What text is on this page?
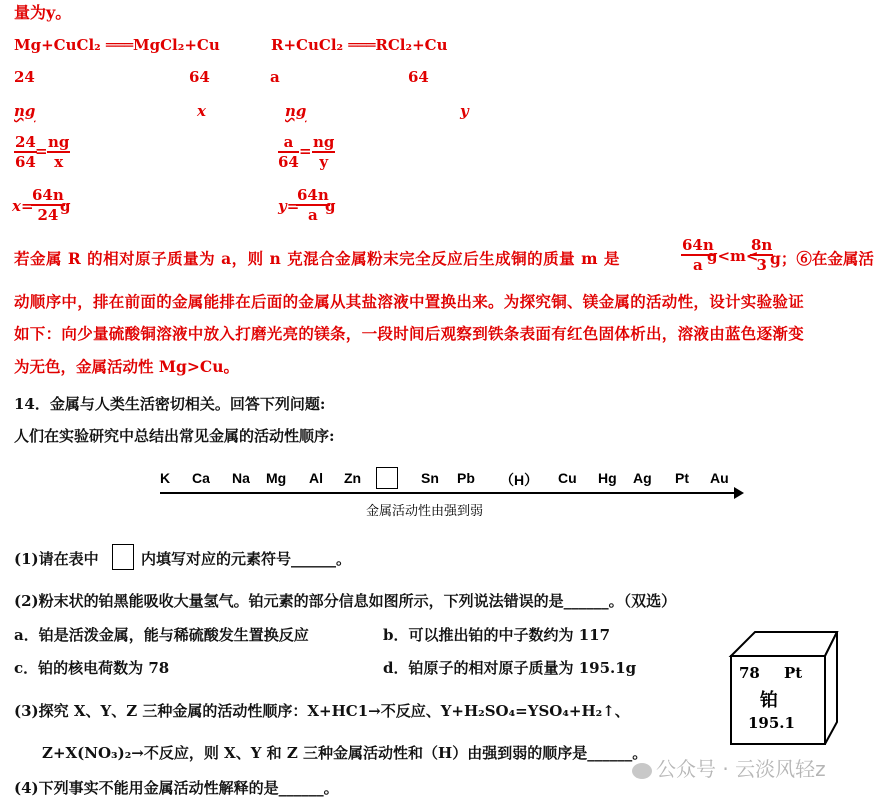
量为y。
Mg+CuCl₂ ═══MgCl₂+Cu
24	64
ng	x
$\frac{24}{64}$
= $\frac{ng}{x}$
x=
$\frac{64n}{24}$
g
R+CuCl₂ ═══RCl₂+Cu
a	64
ng	y
$\frac{a}{64} = \frac{ng}{y}$
y=
$\frac{64n}{a}$
g
若金属 R 的相对原子质量为 a，则 n 克混合金属粉末完全反应后生成铜的质量 m 是	$\frac{64n}{a}$
g<m<
$\frac{8n}{3}$
g；⑥在金属活
动顺序中，排在前面的金属能排在后面的金属从其盐溶液中置换出来。为探究铜、镁金属的活动性，设计实验验证
如下：向少量硫酸铜溶液中放入打磨光亮的镁条，一段时间后观察到铁条表面有红色固体析出，溶液由蓝色逐渐变
为无色，金属活动性 Mg>Cu。
14．金属与人类生活密切相关。回答下列问题:
人们在实验研究中总结出常见金属的活动性顺序:
K Ca Na Mg Al Zn	Sn Pb （H） Cu Hg Ag Pt Au
金属活动性由强到弱
(1)请在表中	内填写对应的元素符号______。
(2)粉末状的铂黑能吸收大量氢气。铂元素的部分信息如图所示，下列说法错误的是______。（双选）
a．铂是活泼金属，能与稀硫酸发生置换反应	b．可以推出铂的中子数约为 117
c．铂的核电荷数为 78	d．铂原子的相对原子质量为 195.1g	78 Pt
铂
195.1
(3)探究 X、Y、Z 三种金属的活动性顺序：X+HC1→不反应、Y+H₂SO₄=YSO₄+H₂↑、
Z+X(NO₃)₂→不反应，则 X、Y 和 Z 三种金属活动性和（H）由强到弱的顺序是______。
(4)下列事实不能用金属活动性解释的是______。
公众号 · 云淡风轻z
